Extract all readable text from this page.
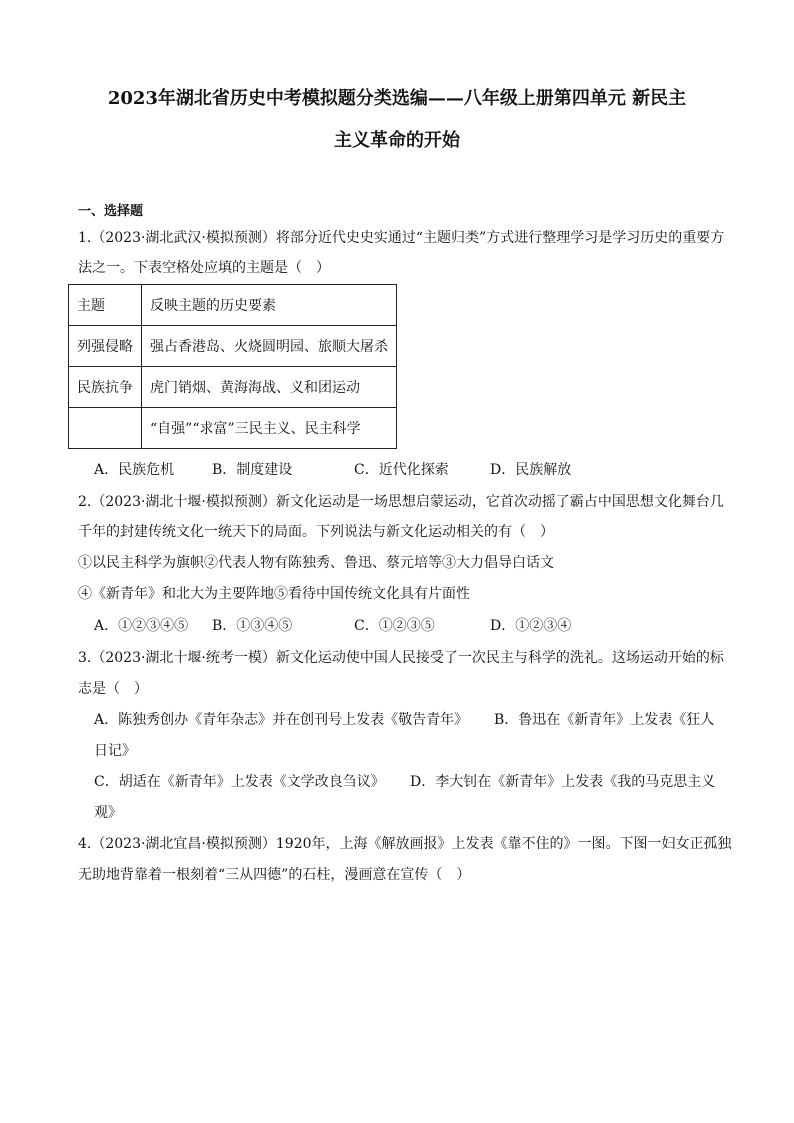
2023年湖北省历史中考模拟题分类选编——八年级上册第四单元 新民主
主义革命的开始
一、选择题
1.（2023·湖北武汉·模拟预测）将部分近代史史实通过“主题归类”方式进行整理学习是学习历史的重要方
法之一。下表空格处应填的主题是（　）
主题	反映主题的历史要素
列强侵略	强占香港岛、火烧圆明园、旅顺大屠杀
民族抗争	虎门销烟、黄海海战、义和团运动
	“自强”“求富”三民主义、民主科学
A．民族危机	B．制度建设	C．近代化探索	D．民族解放
2.（2023·湖北十堰·模拟预测）新文化运动是一场思想启蒙运动，它首次动摇了霸占中国思想文化舞台几
千年的封建传统文化一统天下的局面。下列说法与新文化运动相关的有（　）
①以民主科学为旗帜②代表人物有陈独秀、鲁迅、蔡元培等③大力倡导白话文
④《新青年》和北大为主要阵地⑤看待中国传统文化具有片面性
A．①②③④⑤ B．①③④⑤	C．①②③⑤	D．①②③④
3.（2023·湖北十堰·统考一模）新文化运动使中国人民接受了一次民主与科学的洗礼。这场运动开始的标
志是（　）
A．陈独秀创办《青年杂志》并在创刊号上发表《敬告青年》 B．鲁迅在《新青年》上发表《狂人
日记》
C．胡适在《新青年》上发表《文学改良刍议》 D．李大钊在《新青年》上发表《我的马克思主义
观》
4.（2023·湖北宜昌·模拟预测）1920年，上海《解放画报》上发表《靠不住的》一图。下图一妇女正孤独
无助地背靠着一根刻着“三从四德”的石柱，漫画意在宣传（　）
